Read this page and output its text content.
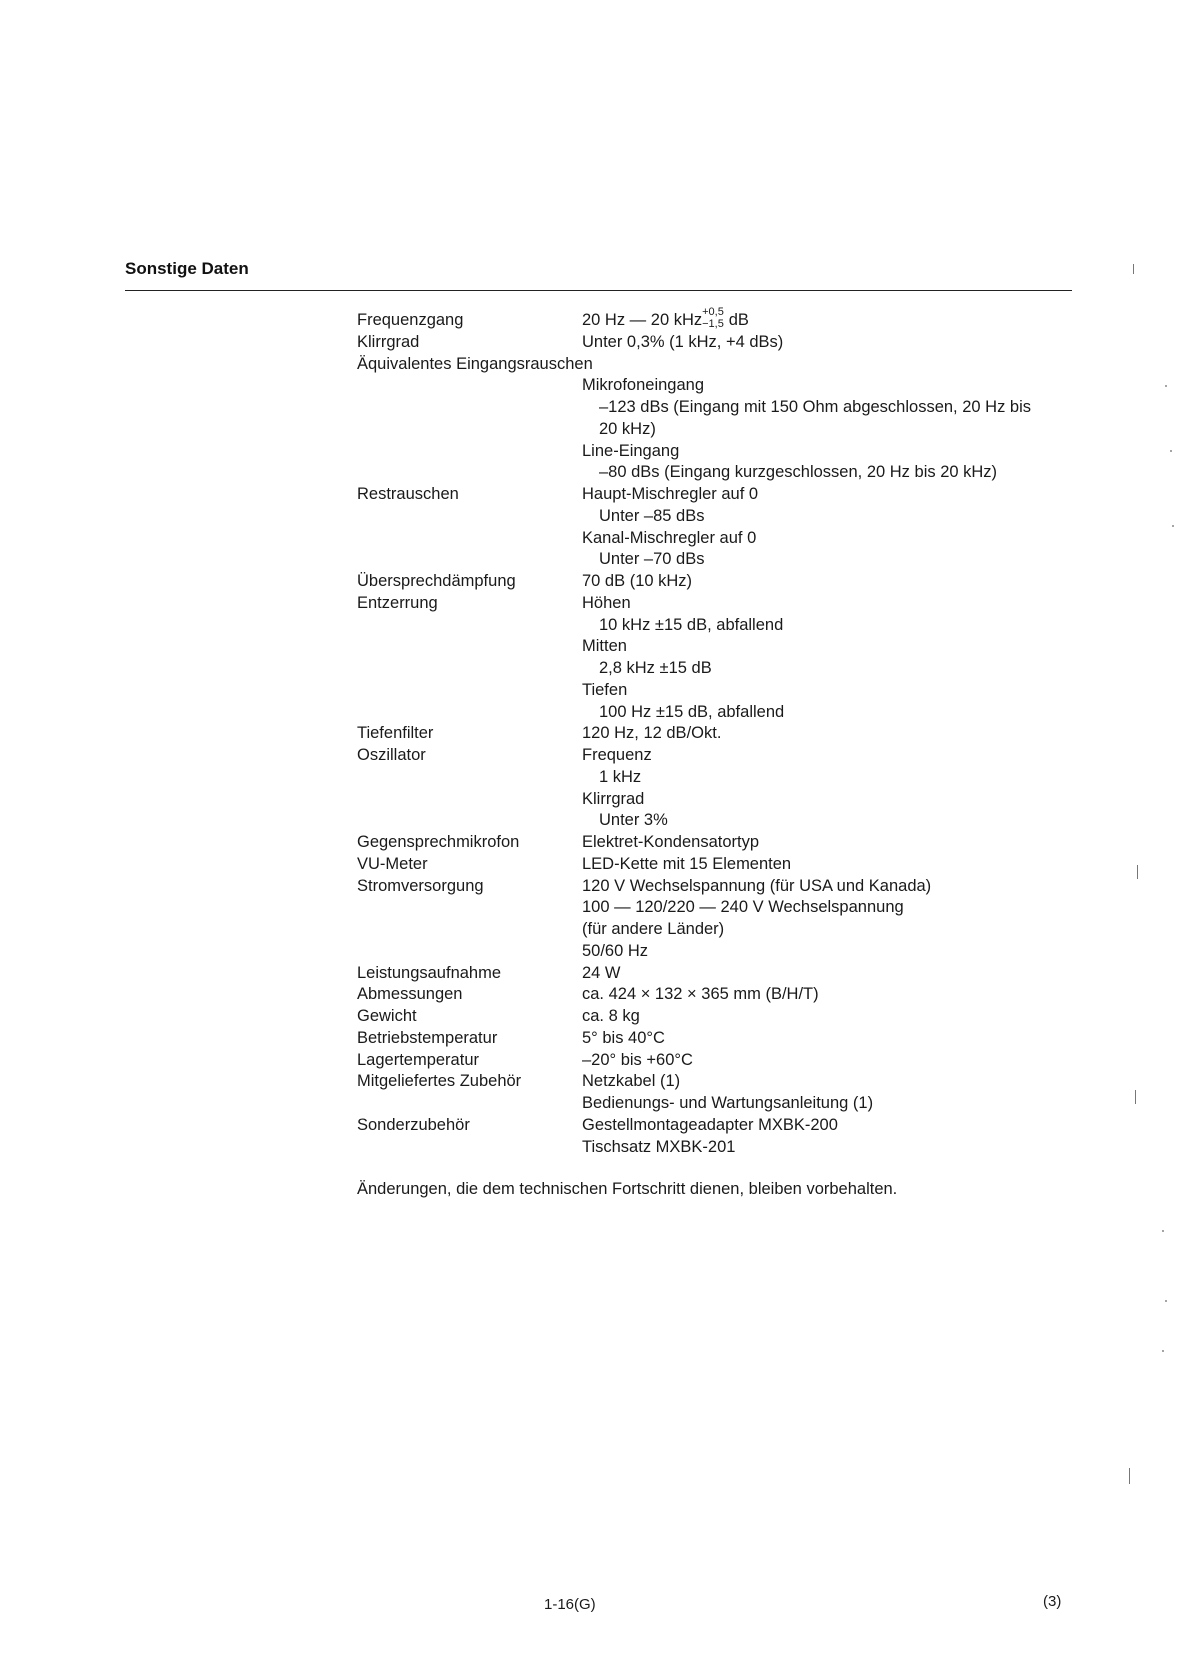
Sonstige Daten
Frequenzgang	20 Hz — 20 kHz +0,5
−1,5 dB
Klirrgrad	Unter 0,3% (1 kHz, +4 dBs)
Äquivalentes Eingangsrauschen
Mikrofoneingang
–123 dBs (Eingang mit 150 Ohm abgeschlossen, 20 Hz bis
20 kHz)
Line-Eingang
–80 dBs (Eingang kurzgeschlossen, 20 Hz bis 20 kHz)
Restrauschen	Haupt-Mischregler auf 0
Unter –85 dBs
Kanal-Mischregler auf 0
Unter –70 dBs
Übersprechdämpfung	70 dB (10 kHz)
Entzerrung	Höhen
10 kHz ±15 dB, abfallend
Mitten
2,8 kHz ±15 dB
Tiefen
100 Hz ±15 dB, abfallend
Tiefenfilter	120 Hz, 12 dB/Okt.
Oszillator	Frequenz
1 kHz
Klirrgrad
Unter 3%
Gegensprechmikrofon	Elektret-Kondensatortyp
VU-Meter	LED-Kette mit 15 Elementen
Stromversorgung	120 V Wechselspannung (für USA und Kanada)
100 — 120/220 — 240 V Wechselspannung
(für andere Länder)
50/60 Hz
Leistungsaufnahme	24 W
Abmessungen	ca. 424 × 132 × 365 mm (B/H/T)
Gewicht	ca. 8 kg
Betriebstemperatur	5° bis 40°C
Lagertemperatur	–20° bis +60°C
Mitgeliefertes Zubehör	Netzkabel (1)
Bedienungs- und Wartungsanleitung (1)
Sonderzubehör	Gestellmontageadapter MXBK-200
Tischsatz MXBK-201
Änderungen, die dem technischen Fortschritt dienen, bleiben vorbehalten.
1-16(G)	(3)
